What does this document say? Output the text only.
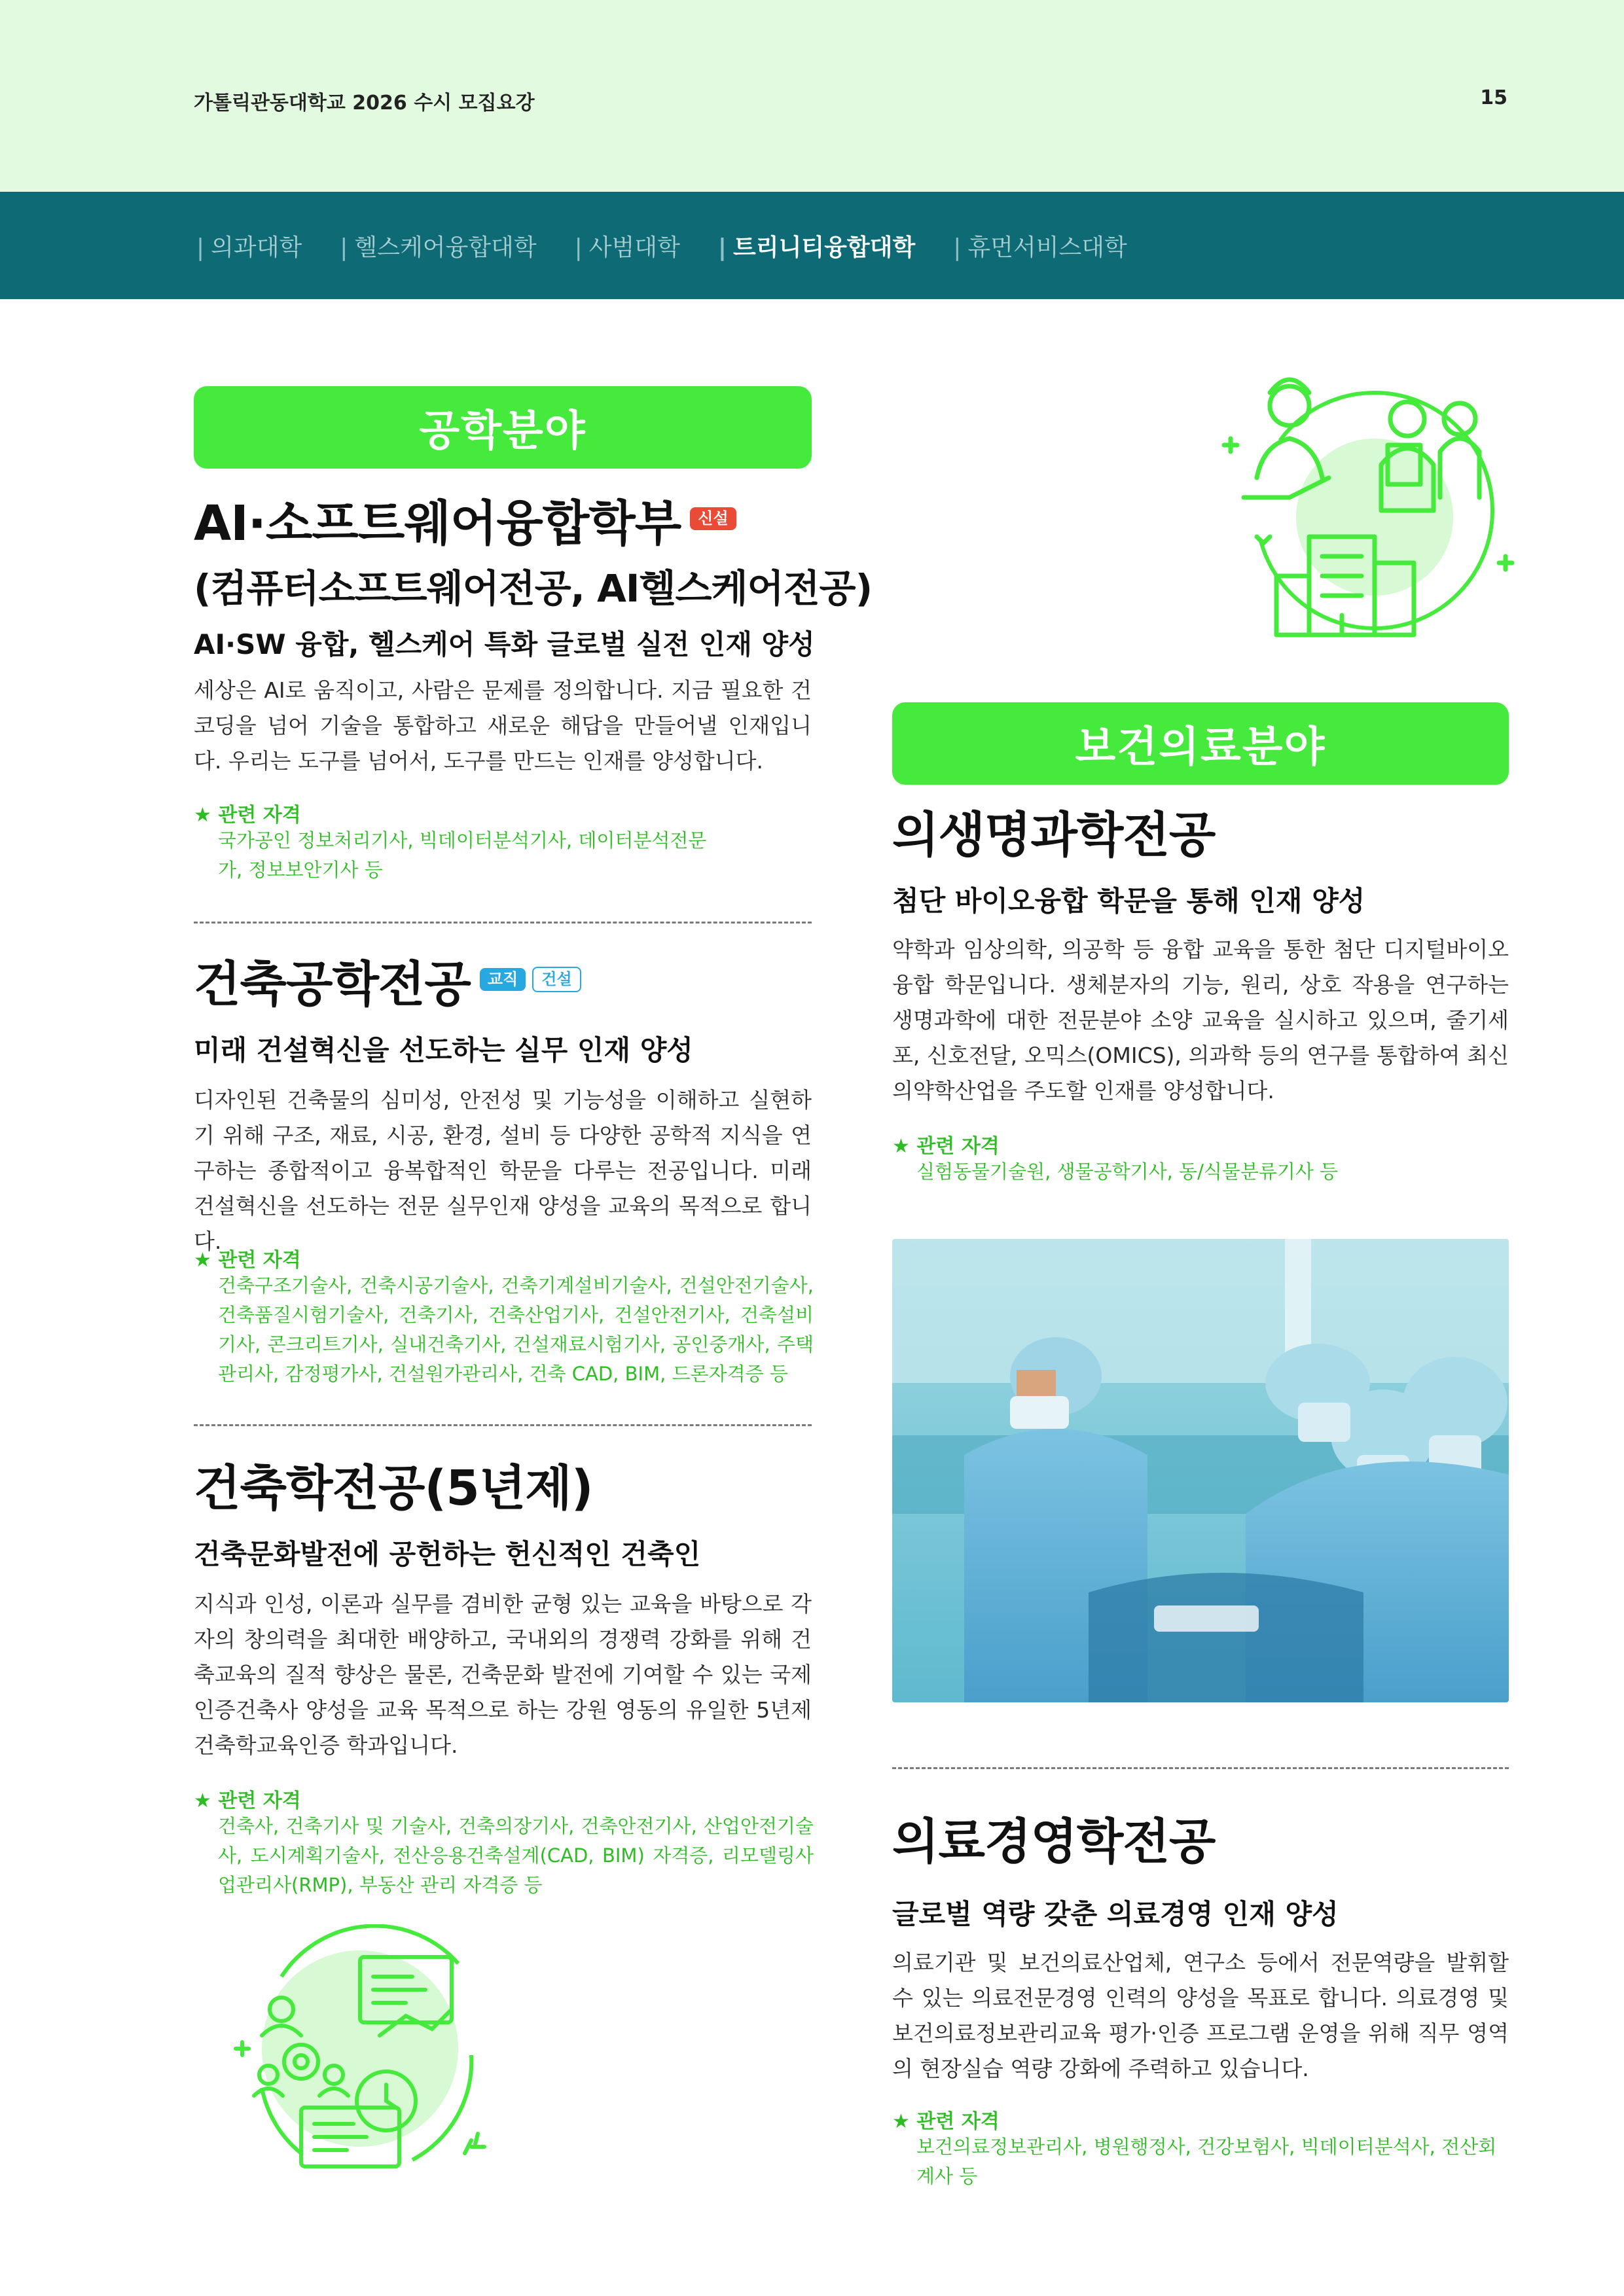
가톨릭관동대학교 2026 수시 모집요강	15
| 의과대학 | 헬스케어융합대학 | 사범대학 | 트리니티융합대학 | 휴먼서비스대학
공학분야
AI·소프트웨어융합학부 신설
(컴퓨터소프트웨어전공, AI헬스케어전공)
AI·SW 융합, 헬스케어 특화 글로벌 실전 인재 양성
세상은 AI로 움직이고, 사람은 문제를 정의합니다. 지금 필요한 건 코딩을 넘어 기술을 통합하고 새로운 해답을 만들어낼 인재입니다. 우리는 도구를 넘어서, 도구를 만드는 인재를 양성합니다.
★ 관련 자격
국가공인 정보처리기사, 빅데이터분석기사, 데이터분석전문가, 정보보안기사 등
건축공학전공 교직 건설
미래 건설혁신을 선도하는 실무 인재 양성
디자인된 건축물의 심미성, 안전성 및 기능성을 이해하고 실현하기 위해 구조, 재료, 시공, 환경, 설비 등 다양한 공학적 지식을 연구하는 종합적이고 융복합적인 학문을 다루는 전공입니다. 미래 건설혁신을 선도하는 전문 실무인재 양성을 교육의 목적으로 합니다.
★ 관련 자격
건축구조기술사, 건축시공기술사, 건축기계설비기술사, 건설안전기술사, 건축품질시험기술사, 건축기사, 건축산업기사, 건설안전기사, 건축설비기사, 콘크리트기사, 실내건축기사, 건설재료시험기사, 공인중개사, 주택관리사, 감정평가사, 건설원가관리사, 건축 CAD, BIM, 드론자격증 등
건축학전공(5년제)
건축문화발전에 공헌하는 헌신적인 건축인
지식과 인성, 이론과 실무를 겸비한 균형 있는 교육을 바탕으로 각자의 창의력을 최대한 배양하고, 국내외의 경쟁력 강화를 위해 건축교육의 질적 향상은 물론, 건축문화 발전에 기여할 수 있는 국제인증건축사 양성을 교육 목적으로 하는 강원 영동의 유일한 5년제 건축학교육인증 학과입니다.
★ 관련 자격
건축사, 건축기사 및 기술사, 건축의장기사, 건축안전기사, 산업안전기술사, 도시계획기술사, 전산응용건축설계(CAD, BIM) 자격증, 리모델링사업관리사(RMP), 부동산 관리 자격증 등
보건의료분야
의생명과학전공
첨단 바이오융합 학문을 통해 인재 양성
약학과 임상의학, 의공학 등 융합 교육을 통한 첨단 디지털바이오 융합 학문입니다. 생체분자의 기능, 원리, 상호 작용을 연구하는 생명과학에 대한 전문분야 소양 교육을 실시하고 있으며, 줄기세포, 신호전달, 오믹스(OMICS), 의과학 등의 연구를 통합하여 최신 의약학산업을 주도할 인재를 양성합니다.
★ 관련 자격
실험동물기술원, 생물공학기사, 동/식물분류기사 등
의료경영학전공
글로벌 역량 갖춘 의료경영 인재 양성
의료기관 및 보건의료산업체, 연구소 등에서 전문역량을 발휘할 수 있는 의료전문경영 인력의 양성을 목표로 합니다. 의료경영 및 보건의료정보관리교육 평가·인증 프로그램 운영을 위해 직무 영역의 현장실습 역량 강화에 주력하고 있습니다.
★ 관련 자격
보건의료정보관리사, 병원행정사, 건강보험사, 빅데이터분석사, 전산회계사 등
